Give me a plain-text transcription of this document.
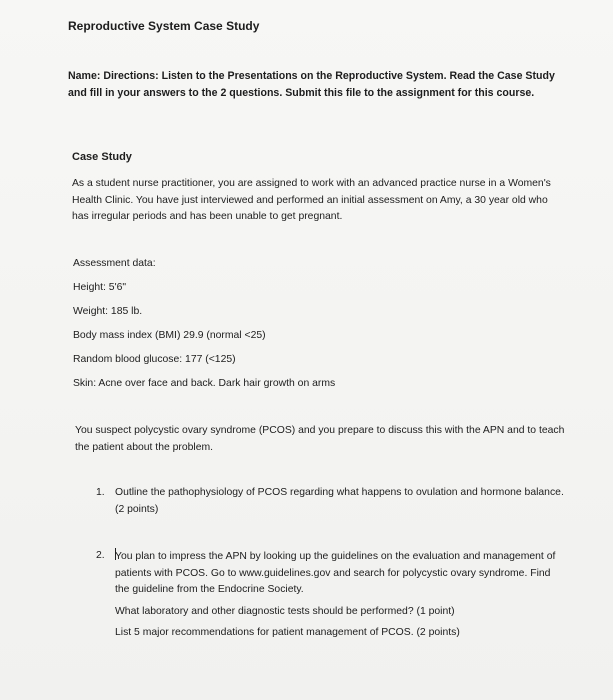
Reproductive System Case Study
Name: Directions: Listen to the Presentations on the Reproductive System. Read the Case Study and fill in your answers to the 2 questions. Submit this file to the assignment for this course.
Case Study
As a student nurse practitioner, you are assigned to work with an advanced practice nurse in a Women's Health Clinic. You have just interviewed and performed an initial assessment on Amy, a 30 year old who has irregular periods and has been unable to get pregnant.
Assessment data:
Height: 5'6"
Weight: 185 lb.
Body mass index (BMI) 29.9 (normal <25)
Random blood glucose: 177 (<125)
Skin: Acne over face and back. Dark hair growth on arms
You suspect polycystic ovary syndrome (PCOS) and you prepare to discuss this with the APN and to teach the patient about the problem.
1. Outline the pathophysiology of PCOS regarding what happens to ovulation and hormone balance. (2 points)
2. You plan to impress the APN by looking up the guidelines on the evaluation and management of patients with PCOS. Go to www.guidelines.gov and search for polycystic ovary syndrome. Find the guideline from the Endocrine Society.
What laboratory and other diagnostic tests should be performed? (1 point)
List 5 major recommendations for patient management of PCOS. (2 points)
